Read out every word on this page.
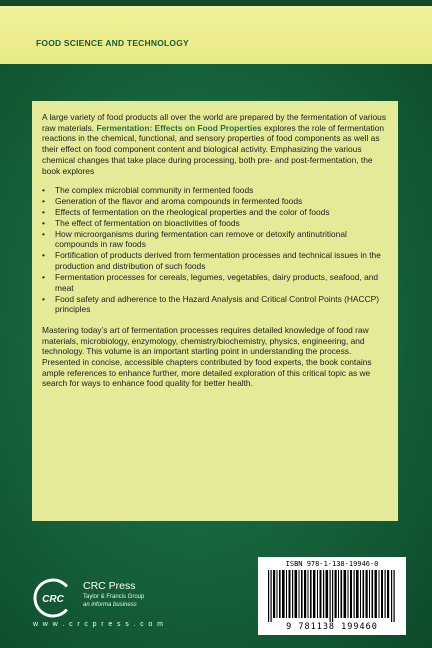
FOOD SCIENCE AND TECHNOLOGY

A large variety of food products all over the world are prepared by the fermentation of various raw materials. Fermentation: Effects on Food Properties explores the role of fermentation reactions in the chemical, functional, and sensory properties of food components as well as their effect on food component content and biological activity. Emphasizing the various chemical changes that take place during processing, both pre- and post-fermentation, the book explores

• The complex microbial community in fermented foods
• Generation of the flavor and aroma compounds in fermented foods
• Effects of fermentation on the rheological properties and the color of foods
• The effect of fermentation on bioactivities of foods
• How microorganisms during fermentation can remove or detoxify antinutritional compounds in raw foods
• Fortification of products derived from fermentation processes and technical issues in the production and distribution of such foods
• Fermentation processes for cereals, legumes, vegetables, dairy products, seafood, and meat
• Food safety and adherence to the Hazard Analysis and Critical Control Points (HACCP) principles

Mastering today’s art of fermentation processes requires detailed knowledge of food raw materials, microbiology, enzymology, chemistry/biochemistry, physics, engineering, and technology. This volume is an important starting point in understanding the process. Presented in concise, accessible chapters contributed by food experts, the book contains ample references to enhance further, more detailed exploration of this critical topic as we search for ways to enhance food quality for better health.

CRC
CRC Press
Taylor & Francis Group
an informa business
w w w . c r c p r e s s . c o m
ISBN 978-1-138-19946-0
9 781138 199460
